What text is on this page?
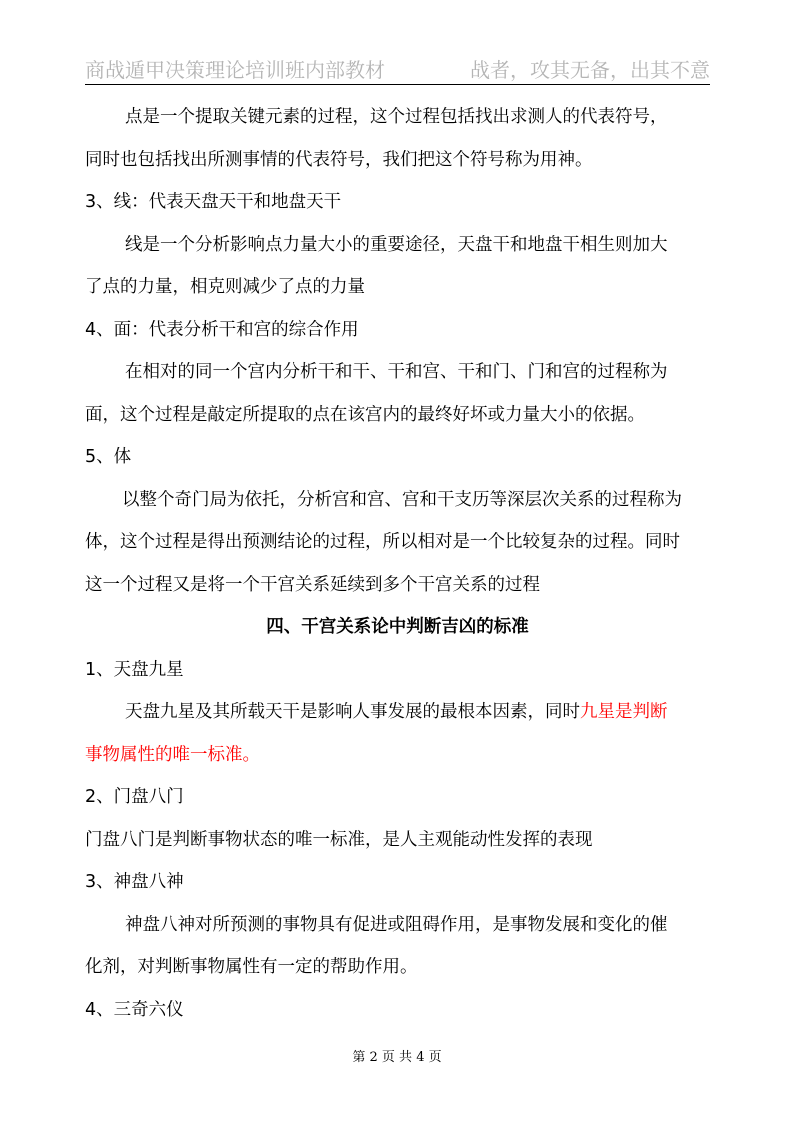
商战遁甲决策理论培训班内部教材	战者，攻其无备，出其不意
点是一个提取关键元素的过程，这个过程包括找出求测人的代表符号，
同时也包括找出所测事情的代表符号，我们把这个符号称为用神。
3、线：代表天盘天干和地盘天干
线是一个分析影响点力量大小的重要途径，天盘干和地盘干相生则加大
了点的力量，相克则减少了点的力量
4、面：代表分析干和宫的综合作用
在相对的同一个宫内分析干和干、干和宫、干和门、门和宫的过程称为
面，这个过程是敲定所提取的点在该宫内的最终好坏或力量大小的依据。
5、体
以整个奇门局为依托，分析宫和宫、宫和干支历等深层次关系的过程称为
体，这个过程是得出预测结论的过程，所以相对是一个比较复杂的过程。同时
这一个过程又是将一个干宫关系延续到多个干宫关系的过程
四、干宫关系论中判断吉凶的标准
1、天盘九星
天盘九星及其所载天干是影响人事发展的最根本因素，同时九星是判断
事物属性的唯一标准。
2、门盘八门
门盘八门是判断事物状态的唯一标准，是人主观能动性发挥的表现
3、神盘八神
神盘八神对所预测的事物具有促进或阻碍作用，是事物发展和变化的催
化剂，对判断事物属性有一定的帮助作用。
4、三奇六仪
第 2 页 共 4 页
